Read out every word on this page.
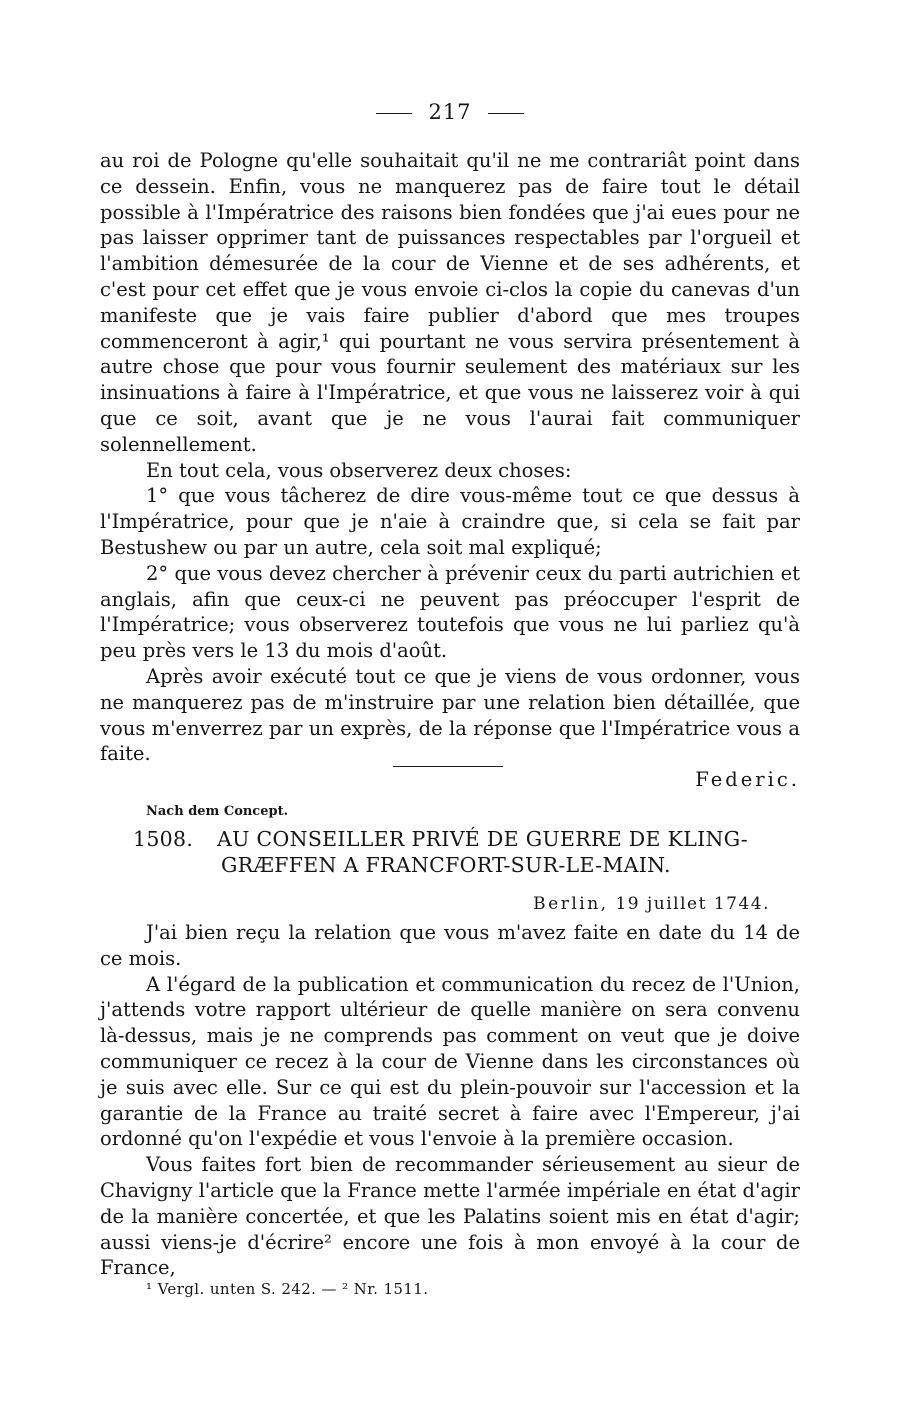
217

au roi de Pologne qu'elle souhaitait qu'il ne me contrariât point dans ce dessein. Enfin, vous ne manquerez pas de faire tout le détail possible à l'Impératrice des raisons bien fondées que j'ai eues pour ne pas laisser opprimer tant de puissances respectables par l'orgueil et l'ambition démesurée de la cour de Vienne et de ses adhérents, et c'est pour cet effet que je vous envoie ci-clos la copie du canevas d'un manifeste que je vais faire publier d'abord que mes troupes commenceront à agir,¹ qui pourtant ne vous servira présentement à autre chose que pour vous fournir seulement des matériaux sur les insinuations à faire à l'Impératrice, et que vous ne laisserez voir à qui que ce soit, avant que je ne vous l'aurai fait communiquer solennellement.

En tout cela, vous observerez deux choses:

1° que vous tâcherez de dire vous-même tout ce que dessus à l'Impératrice, pour que je n'aie à craindre que, si cela se fait par Bestushew ou par un autre, cela soit mal expliqué;

2° que vous devez chercher à prévenir ceux du parti autrichien et anglais, afin que ceux-ci ne peuvent pas préoccuper l'esprit de l'Impératrice; vous observerez toutefois que vous ne lui parliez qu'à peu près vers le 13 du mois d'août.

Après avoir exécuté tout ce que je viens de vous ordonner, vous ne manquerez pas de m'instruire par une relation bien détaillée, que vous m'enverrez par un exprès, de la réponse que l'Impératrice vous a faite.

Federic.
Nach dem Concept.
1508. AU CONSEILLER PRIVÉ DE GUERRE DE KLING-
GRÆFFEN A FRANCFORT-SUR-LE-MAIN.
Berlin, 19 juillet 1744.

J'ai bien reçu la relation que vous m'avez faite en date du 14 de ce mois.

A l'égard de la publication et communication du recez de l'Union, j'attends votre rapport ultérieur de quelle manière on sera convenu là-dessus, mais je ne comprends pas comment on veut que je doive communiquer ce recez à la cour de Vienne dans les circonstances où je suis avec elle. Sur ce qui est du plein-pouvoir sur l'accession et la garantie de la France au traité secret à faire avec l'Empereur, j'ai ordonné qu'on l'expédie et vous l'envoie à la première occasion.

Vous faites fort bien de recommander sérieusement au sieur de Chavigny l'article que la France mette l'armée impériale en état d'agir de la manière concertée, et que les Palatins soient mis en état d'agir; aussi viens-je d'écrire² encore une fois à mon envoyé à la cour de France,

¹ Vergl. unten S. 242. — ² Nr. 1511.
